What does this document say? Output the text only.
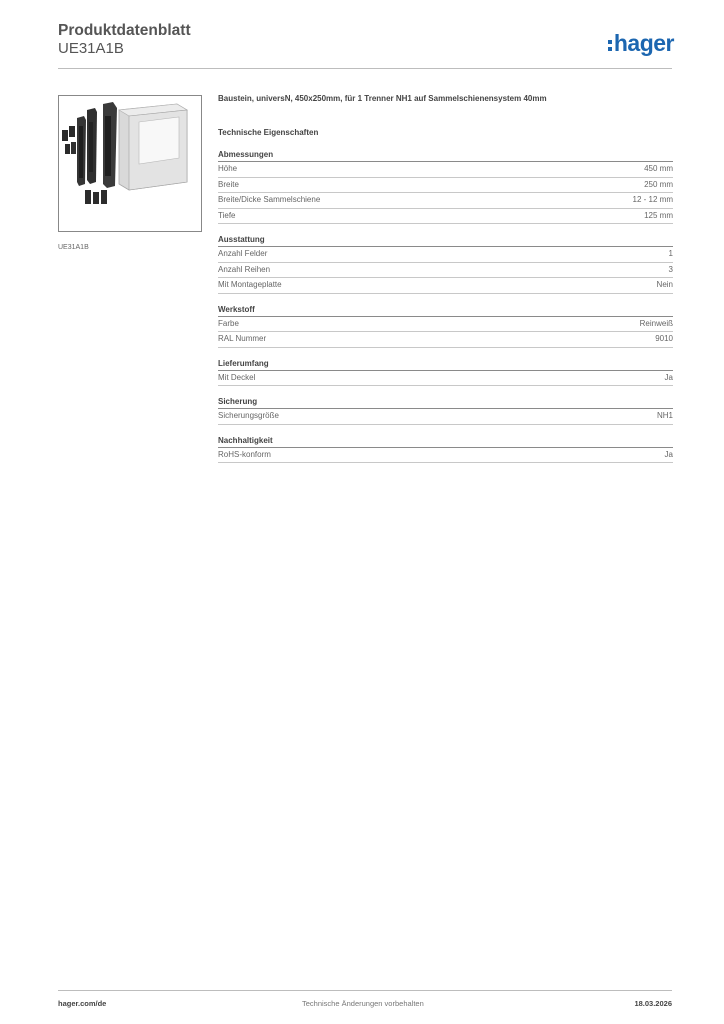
Produktdatenblatt
UE31A1B	hager
UE31A1B

Baustein, universN, 450x250mm, für 1 Trenner NH1 auf Sammelschienensystem 40mm

Technische Eigenschaften

Abmessungen
Höhe	450 mm
Breite	250 mm
Breite/Dicke Sammelschiene	12 - 12 mm
Tiefe	125 mm
Ausstattung
Anzahl Felder	1
Anzahl Reihen	3
Mit Montageplatte	Nein
Werkstoff
Farbe	Reinweiß
RAL Nummer	9010
Lieferumfang
Mit Deckel	Ja
Sicherung
Sicherungsgröße	NH1
Nachhaltigkeit
RoHS-konform	Ja
hager.com/de	Technische Änderungen vorbehalten	18.03.2026
